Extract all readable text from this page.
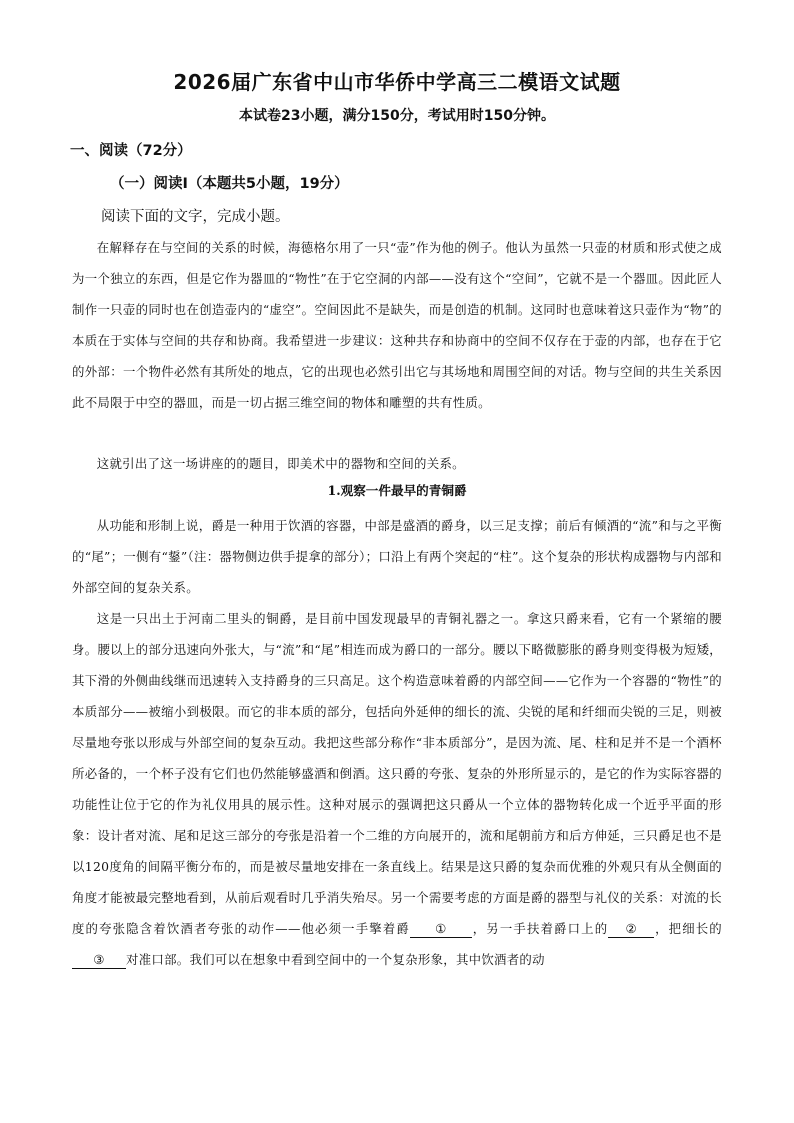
2026届广东省中山市华侨中学高三二模语文试题
本试卷23小题，满分150分，考试用时150分钟。
一、阅读（72分）
（一）阅读Ⅰ（本题共5小题，19分）
阅读下面的文字，完成小题。

在解释存在与空间的关系的时候，海德格尔用了一只“壶”作为他的例子。他认为虽然一只壶的材质和形式使之成为一个独立的东西，但是它作为器皿的“物性”在于它空洞的内部——没有这个“空间”，它就不是一个器皿。因此匠人制作一只壶的同时也在创造壶内的“虚空”。空间因此不是缺失，而是创造的机制。这同时也意味着这只壶作为“物”的本质在于实体与空间的共存和协商。我希望进一步建议：这种共存和协商中的空间不仅存在于壶的内部，也存在于它的外部：一个物件必然有其所处的地点，它的出现也必然引出它与其场地和周围空间的对话。物与空间的共生关系因此不局限于中空的器皿，而是一切占据三维空间的物体和雕塑的共有性质。

这就引出了这一场讲座的的题目，即美术中的器物和空间的关系。

1.观察一件最早的青铜爵

从功能和形制上说，爵是一种用于饮酒的容器，中部是盛酒的爵身，以三足支撑；前后有倾酒的“流”和与之平衡的“尾”；一侧有“鋬”（注：器物侧边供手提拿的部分）；口沿上有两个突起的“柱”。这个复杂的形状构成器物与内部和外部空间的复杂关系。

这是一只出土于河南二里头的铜爵，是目前中国发现最早的青铜礼器之一。拿这只爵来看，它有一个紧缩的腰身。腰以上的部分迅速向外张大，与“流”和“尾”相连而成为爵口的一部分。腰以下略微膨胀的爵身则变得极为短矮，其下滑的外侧曲线继而迅速转入支持爵身的三只高足。这个构造意味着爵的内部空间——它作为一个容器的“物性”的本质部分——被缩小到极限。而它的非本质的部分，包括向外延伸的细长的流、尖锐的尾和纤细而尖锐的三足，则被尽量地夸张以形成与外部空间的复杂互动。我把这些部分称作“非本质部分”，是因为流、尾、柱和足并不是一个酒杯所必备的，一个杯子没有它们也仍然能够盛酒和倒酒。这只爵的夸张、复杂的外形所显示的，是它的作为实际容器的功能性让位于它的作为礼仪用具的展示性。这种对展示的强调把这只爵从一个立体的器物转化成一个近乎平面的形象：设计者对流、尾和足这三部分的夸张是沿着一个二维的方向展开的，流和尾朝前方和后方伸延，三只爵足也不是以120度角的间隔平衡分布的，而是被尽量地安排在一条直线上。结果是这只爵的复杂而优雅的外观只有从全侧面的角度才能被最完整地看到，从前后观看时几乎消失殆尽。另一个需要考虑的方面是爵的器型与礼仪的关系：对流的长度的夸张隐含着饮酒者夸张的动作——他必须一手擎着爵 ① ，另一手扶着爵口上的 ② ，把细长的③ 对准口部。我们可以在想象中看到空间中的一个复杂形象，其中饮酒者的动
